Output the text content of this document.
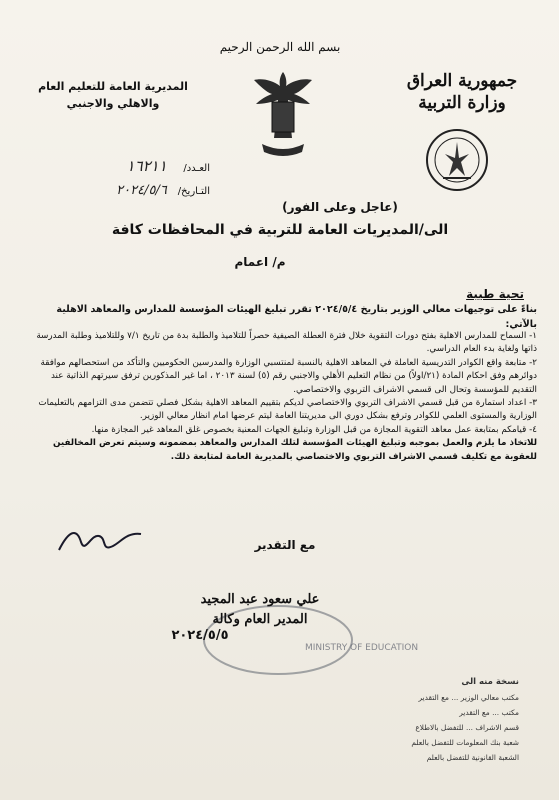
بسم الله الرحمن الرحيم
جمهورية العراق
وزارة التربية
المديرية العامة للتعليم العام
والاهلي والاجنبي
العـدد/ ١٦٢١١
التـاريخ/ ٢٠٢٤/٥/٦
(عاجل وعلى الفور)
الى/المديريات العامة للتربية في المحافظات كافة
م/ اعمام
تحية طيبة
بناءً على توجيهات معالي الوزير بتاريخ ٢٠٢٤/٥/٤ تقرر تبليغ الهيئات المؤسسة للمدارس والمعاهد الاهلية بالآتي:

١- السماح للمدارس الاهلية بفتح دورات التقوية خلال فترة العطلة الصيفية حصراً للتلاميذ والطلبة بدة من تاريخ ٧/١ وللتلاميذ وطلبة المدرسة ذاتها ولغاية بدء العام الدراسي.

٢- متابعة واقع الكوادر التدريسية العاملة في المعاهد الاهلية بالنسبة لمنتسبي الوزارة والمدرسين الحكوميين والتأكد من استحصالهم موافقة دوائرهم وفق احكام المادة (٢١/اولاً) من نظام التعليم الأهلي والاجنبي رقم (٥) لسنة ٢٠١٣ ، اما غير المذكورين ترفق سيرتهم الذاتية عند التقديم للمؤسسة وتحال الى قسمي الاشراف التربوي والاختصاصي.

٣- اعداد استمارة من قبل قسمي الاشراف التربوي والاختصاصي لديكم بتقييم المعاهد الاهلية بشكل فصلي تتضمن مدى التزامهم بالتعليمات الوزارية والمستوى العلمي للكوادر وترفع بشكل دوري الى مديريتنا العامة ليتم عرضها امام انظار معالي الوزير.

٤- قيامكم بمتابعة عمل معاهد التقوية المجازة من قبل الوزارة وتبليغ الجهات المعنية بخصوص غلق المعاهد غير المجازة منها.

للاتخاذ ما يلزم والعمل بموجبه وتبليغ الهيئات المؤسسة لتلك المدارس والمعاهد بمضمونه وسيتم تعرض المخالفين للعقوبة مع تكليف قسمي الاشراف التربوي والاختصاصي بالمديرية العامة لمتابعة ذلك.

مع التقدير
MINISTRY OF EDUCATION
علي سعود عبد المجيد
المدير العام وكالة
٢٠٢٤/٥/٥
نسخة منه الى
مكتب معالي الوزير ... مع التقدير
مكتب ... مع التقدير
قسم الاشراف ... للتفضل بالاطلاع
شعبة بنك المعلومات للتفضل بالعلم
الشعبة القانونية للتفضل بالعلم
